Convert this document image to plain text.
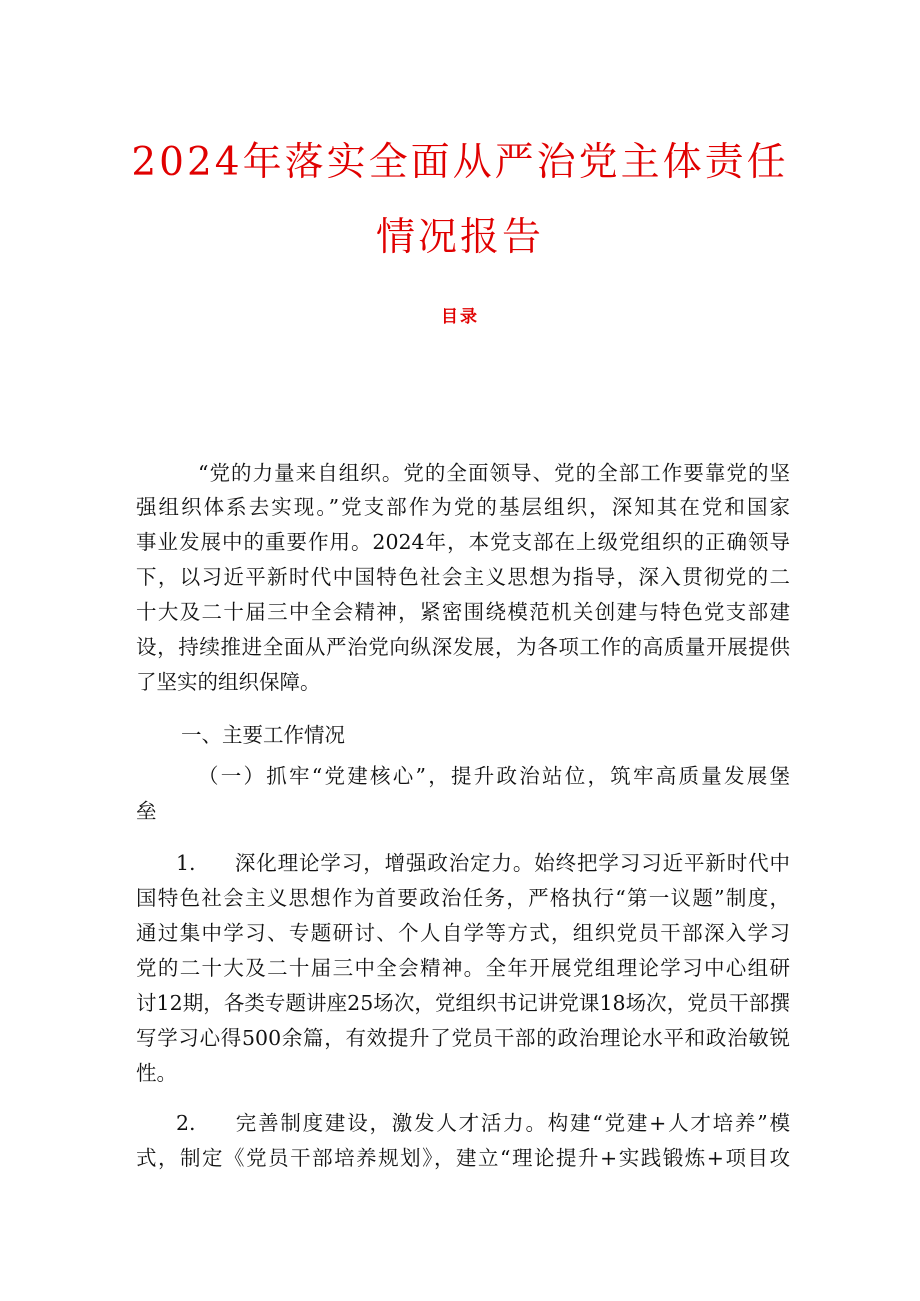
2024年落实全面从严治党主体责任
情况报告
目录
“党的力量来自组织。党的全面领导、党的全部工作要靠党的坚
强组织体系去实现。”党支部作为党的基层组织，深知其在党和国家
事业发展中的重要作用。2024年，本党支部在上级党组织的正确领导
下，以习近平新时代中国特色社会主义思想为指导，深入贯彻党的二
十大及二十届三中全会精神，紧密围绕模范机关创建与特色党支部建
设，持续推进全面从严治党向纵深发展，为各项工作的高质量开展提供
了坚实的组织保障。
一、主要工作情况
（一）抓牢“党建核心”，提升政治站位，筑牢高质量发展堡
垒
1. 深化理论学习，增强政治定力。始终把学习习近平新时代中
国特色社会主义思想作为首要政治任务，严格执行“第一议题”制度，
通过集中学习、专题研讨、个人自学等方式，组织党员干部深入学习
党的二十大及二十届三中全会精神。全年开展党组理论学习中心组研
讨12期，各类专题讲座25场次，党组织书记讲党课18场次，党员干部撰
写学习心得500余篇，有效提升了党员干部的政治理论水平和政治敏锐
性。
2. 完善制度建设，激发人才活力。构建“党建+人才培养”模
式，制定《党员干部培养规划》，建立“理论提升+实践锻炼+项目攻
